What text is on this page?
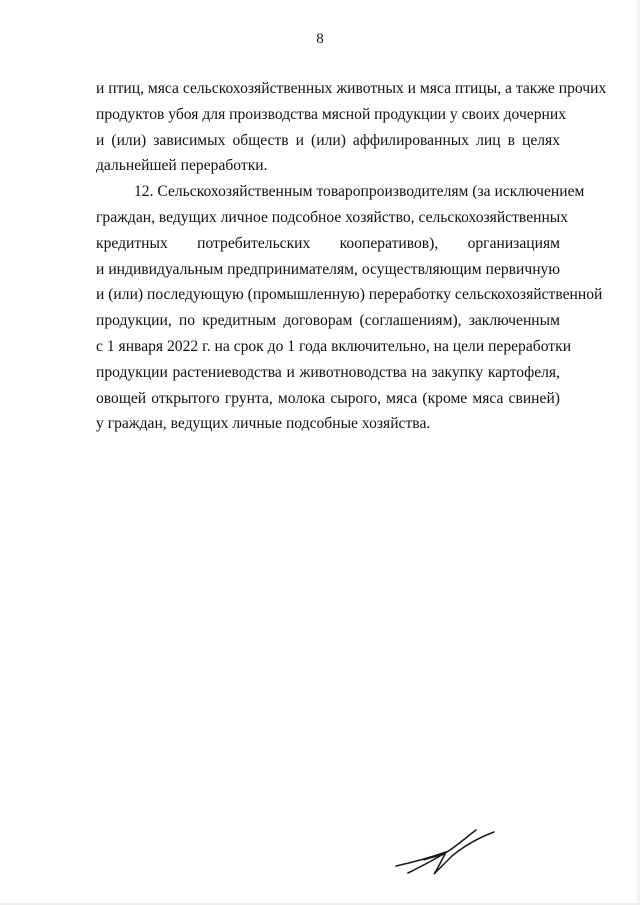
8
и птиц, мяса сельскохозяйственных животных и мяса птицы, а также прочих
продуктов убоя для производства мясной продукции у своих дочерних
и (или) зависимых обществ и (или) аффилированных лиц в целях
дальнейшей переработки.
12. Сельскохозяйственным товаропроизводителям (за исключением
граждан, ведущих личное подсобное хозяйство, сельскохозяйственных
кредитных потребительских кооперативов), организациям
и индивидуальным предпринимателям, осуществляющим первичную
и (или) последующую (промышленную) переработку сельскохозяйственной
продукции, по кредитным договорам (соглашениям), заключенным
с 1 января 2022 г. на срок до 1 года включительно, на цели переработки
продукции растениеводства и животноводства на закупку картофеля,
овощей открытого грунта, молока сырого, мяса (кроме мяса свиней)
у граждан, ведущих личные подсобные хозяйства.
